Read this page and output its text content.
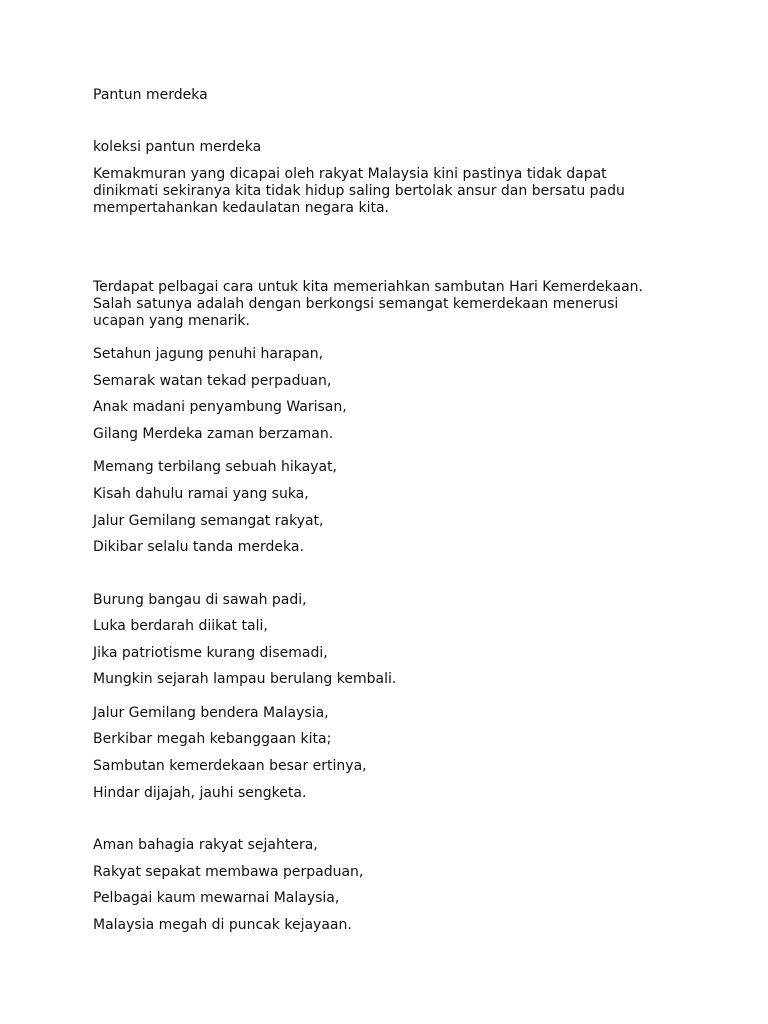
Pantun merdeka
koleksi pantun merdeka
Kemakmuran yang dicapai oleh rakyat Malaysia kini pastinya tidak dapat dinikmati sekiranya kita tidak hidup saling bertolak ansur dan bersatu padu mempertahankan kedaulatan negara kita.
Terdapat pelbagai cara untuk kita memeriahkan sambutan Hari Kemerdekaan. Salah satunya adalah dengan berkongsi semangat kemerdekaan menerusi ucapan yang menarik.
Setahun jagung penuhi harapan,
Semarak watan tekad perpaduan,
Anak madani penyambung Warisan,
Gilang Merdeka zaman berzaman.
Memang terbilang sebuah hikayat,
Kisah dahulu ramai yang suka,
Jalur Gemilang semangat rakyat,
Dikibar selalu tanda merdeka.
Burung bangau di sawah padi,
Luka berdarah diikat tali,
Jika patriotisme kurang disemadi,
Mungkin sejarah lampau berulang kembali.
Jalur Gemilang bendera Malaysia,
Berkibar megah kebanggaan kita;
Sambutan kemerdekaan besar ertinya,
Hindar dijajah, jauhi sengketa.
Aman bahagia rakyat sejahtera,
Rakyat sepakat membawa perpaduan,
Pelbagai kaum mewarnai Malaysia,
Malaysia megah di puncak kejayaan.
